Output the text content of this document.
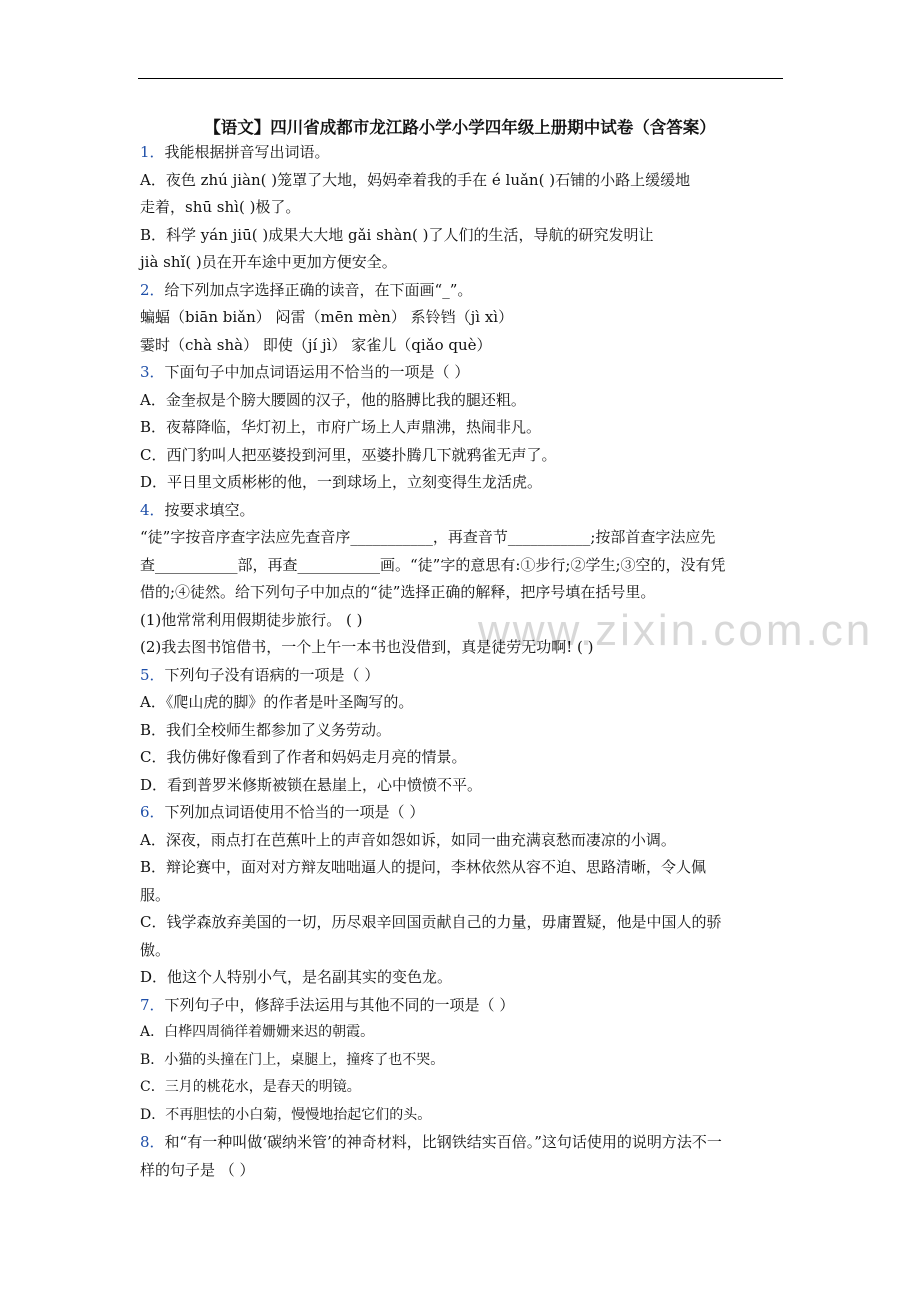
【语文】四川省成都市龙江路小学小学四年级上册期中试卷（含答案）
www.zixin.com.cn
1．我能根据拼音写出词语。
A．夜色 zhú jiàn( )笼罩了大地，妈妈牵着我的手在 é luǎn( )石铺的小路上缓缓地
走着，shū shì( )极了。
B．科学 yán jiū( )成果大大地 gǎi shàn( )了人们的生活，导航的研究发明让
jià shǐ( )员在开车途中更加方便安全。
2．给下列加点字选择正确的读音，在下面画“_”。
蝙蝠（biān biǎn） 闷雷（mēn mèn） 系铃铛（jì xì）
霎时（chà shà） 即使（jí jì） 家雀儿（qiǎo què）
3．下面句子中加点词语运用不恰当的一项是（ ）
A．金奎叔是个膀大腰圆的汉子，他的胳膊比我的腿还粗。
B．夜幕降临，华灯初上，市府广场上人声鼎沸，热闹非凡。
C．西门豹叫人把巫婆投到河里，巫婆扑腾几下就鸦雀无声了。
D．平日里文质彬彬的他，一到球场上，立刻变得生龙活虎。
4．按要求填空。
“徒”字按音序查字法应先查音序___________，再查音节___________;按部首查字法应先
查___________部，再查___________画。“徒”字的意思有:①步行;②学生;③空的，没有凭
借的;④徒然。给下列句子中加点的“徒”选择正确的解释，把序号填在括号里。
(1)他常常利用假期徒步旅行。 ( )
(2)我去图书馆借书，一个上午一本书也没借到，真是徒劳无功啊! ( )
5．下列句子没有语病的一项是（ ）
A．《爬山虎的脚》的作者是叶圣陶写的。
B．我们全校师生都参加了义务劳动。
C．我仿佛好像看到了作者和妈妈走月亮的情景。
D．看到普罗米修斯被锁在悬崖上，心中愤愤不平。
6．下列加点词语使用不恰当的一项是（ ）
A．深夜，雨点打在芭蕉叶上的声音如怨如诉，如同一曲充满哀愁而凄凉的小调。
B．辩论赛中，面对对方辩友咄咄逼人的提问，李林依然从容不迫、思路清晰，令人佩
服。
C．钱学森放弃美国的一切，历尽艰辛回国贡献自己的力量，毋庸置疑，他是中国人的骄
傲。
D．他这个人特别小气，是名副其实的变色龙。
7．下列句子中，修辞手法运用与其他不同的一项是（ ）
A．白桦四周徜徉着姗姗来迟的朝霞。
B．小猫的头撞在门上，桌腿上，撞疼了也不哭。
C．三月的桃花水，是春天的明镜。
D．不再胆怯的小白菊，慢慢地抬起它们的头。
8．和“有一种叫做‘碳纳米管’的神奇材料，比钢铁结实百倍。”这句话使用的说明方法不一
样的句子是 （ ）
